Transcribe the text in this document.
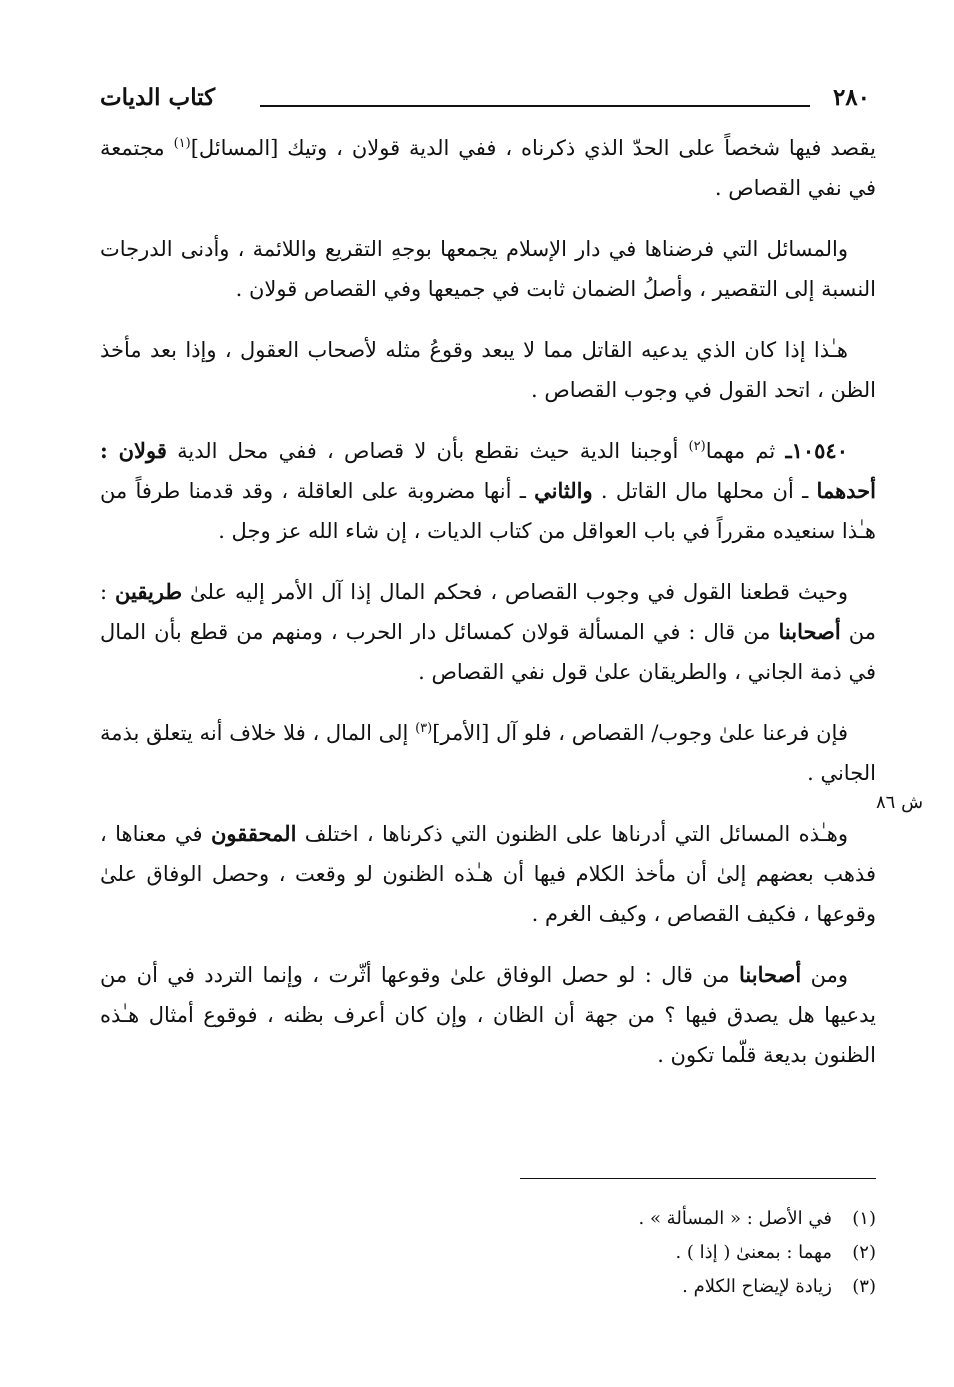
٢٨٠
كتاب الديات

يقصد فيها شخصاً على الحدّ الذي ذكرناه ، ففي الدية قولان ، وتيك [المسائل]$^{(١)}$ مجتمعة في نفي القصاص .

والمسائل التي فرضناها في دار الإسلام يجمعها بوجهِ التقريع واللائمة ، وأدنى الدرجات النسبة إلى التقصير ، وأصلُ الضمان ثابت في جميعها وفي القصاص قولان .

هـٰذا إذا كان الذي يدعيه القاتل مما لا يبعد وقوعُ مثله لأصحاب العقول ، وإذا بعد مأخذ الظن ، اتحد القول في وجوب القصاص .

١٠٥٤٠ـ ثم مهما$^{(٢)}$ أوجبنا الدية حيث نقطع بأن لا قصاص ، ففي محل الدية قولان : أحدهما ـ أن محلها مال القاتل . والثاني ـ أنها مضروبة على العاقلة ، وقد قدمنا طرفاً من هـٰذا سنعيده مقرراً في باب العواقل من كتاب الديات ، إن شاء الله عز وجل .

وحيث قطعنا القول في وجوب القصاص ، فحكم المال إذا آل الأمر إليه علىٰ طريقين : من أصحابنا من قال : في المسألة قولان كمسائل دار الحرب ، ومنهم من قطع بأن المال في ذمة الجاني ، والطريقان علىٰ قول نفي القصاص .

فإن فرعنا علىٰ وجوب/ القصاص ، فلو آل [الأمر]$^{(٣)}$ إلى المال ، فلا خلاف أنه يتعلق بذمة الجاني .

وهـٰذه المسائل التي أدرناها على الظنون التي ذكرناها ، اختلف المحققون في معناها ، فذهب بعضهم إلىٰ أن مأخذ الكلام فيها أن هـٰذه الظنون لو وقعت ، وحصل الوفاق علىٰ وقوعها ، فكيف القصاص ، وكيف الغرم .

ومن أصحابنا من قال : لو حصل الوفاق علىٰ وقوعها أثّرت ، وإنما التردد في أن من يدعيها هل يصدق فيها ؟ من جهة أن الظان ، وإن كان أعرف بظنه ، فوقوع أمثال هـٰذه الظنون بديعة قلّما تكون .

ش ٨٦
(١)في الأصل : « المسألة » .
(٢)مهما : بمعنىٰ ( إذا ) .
(٣)زيادة لإيضاح الكلام .
